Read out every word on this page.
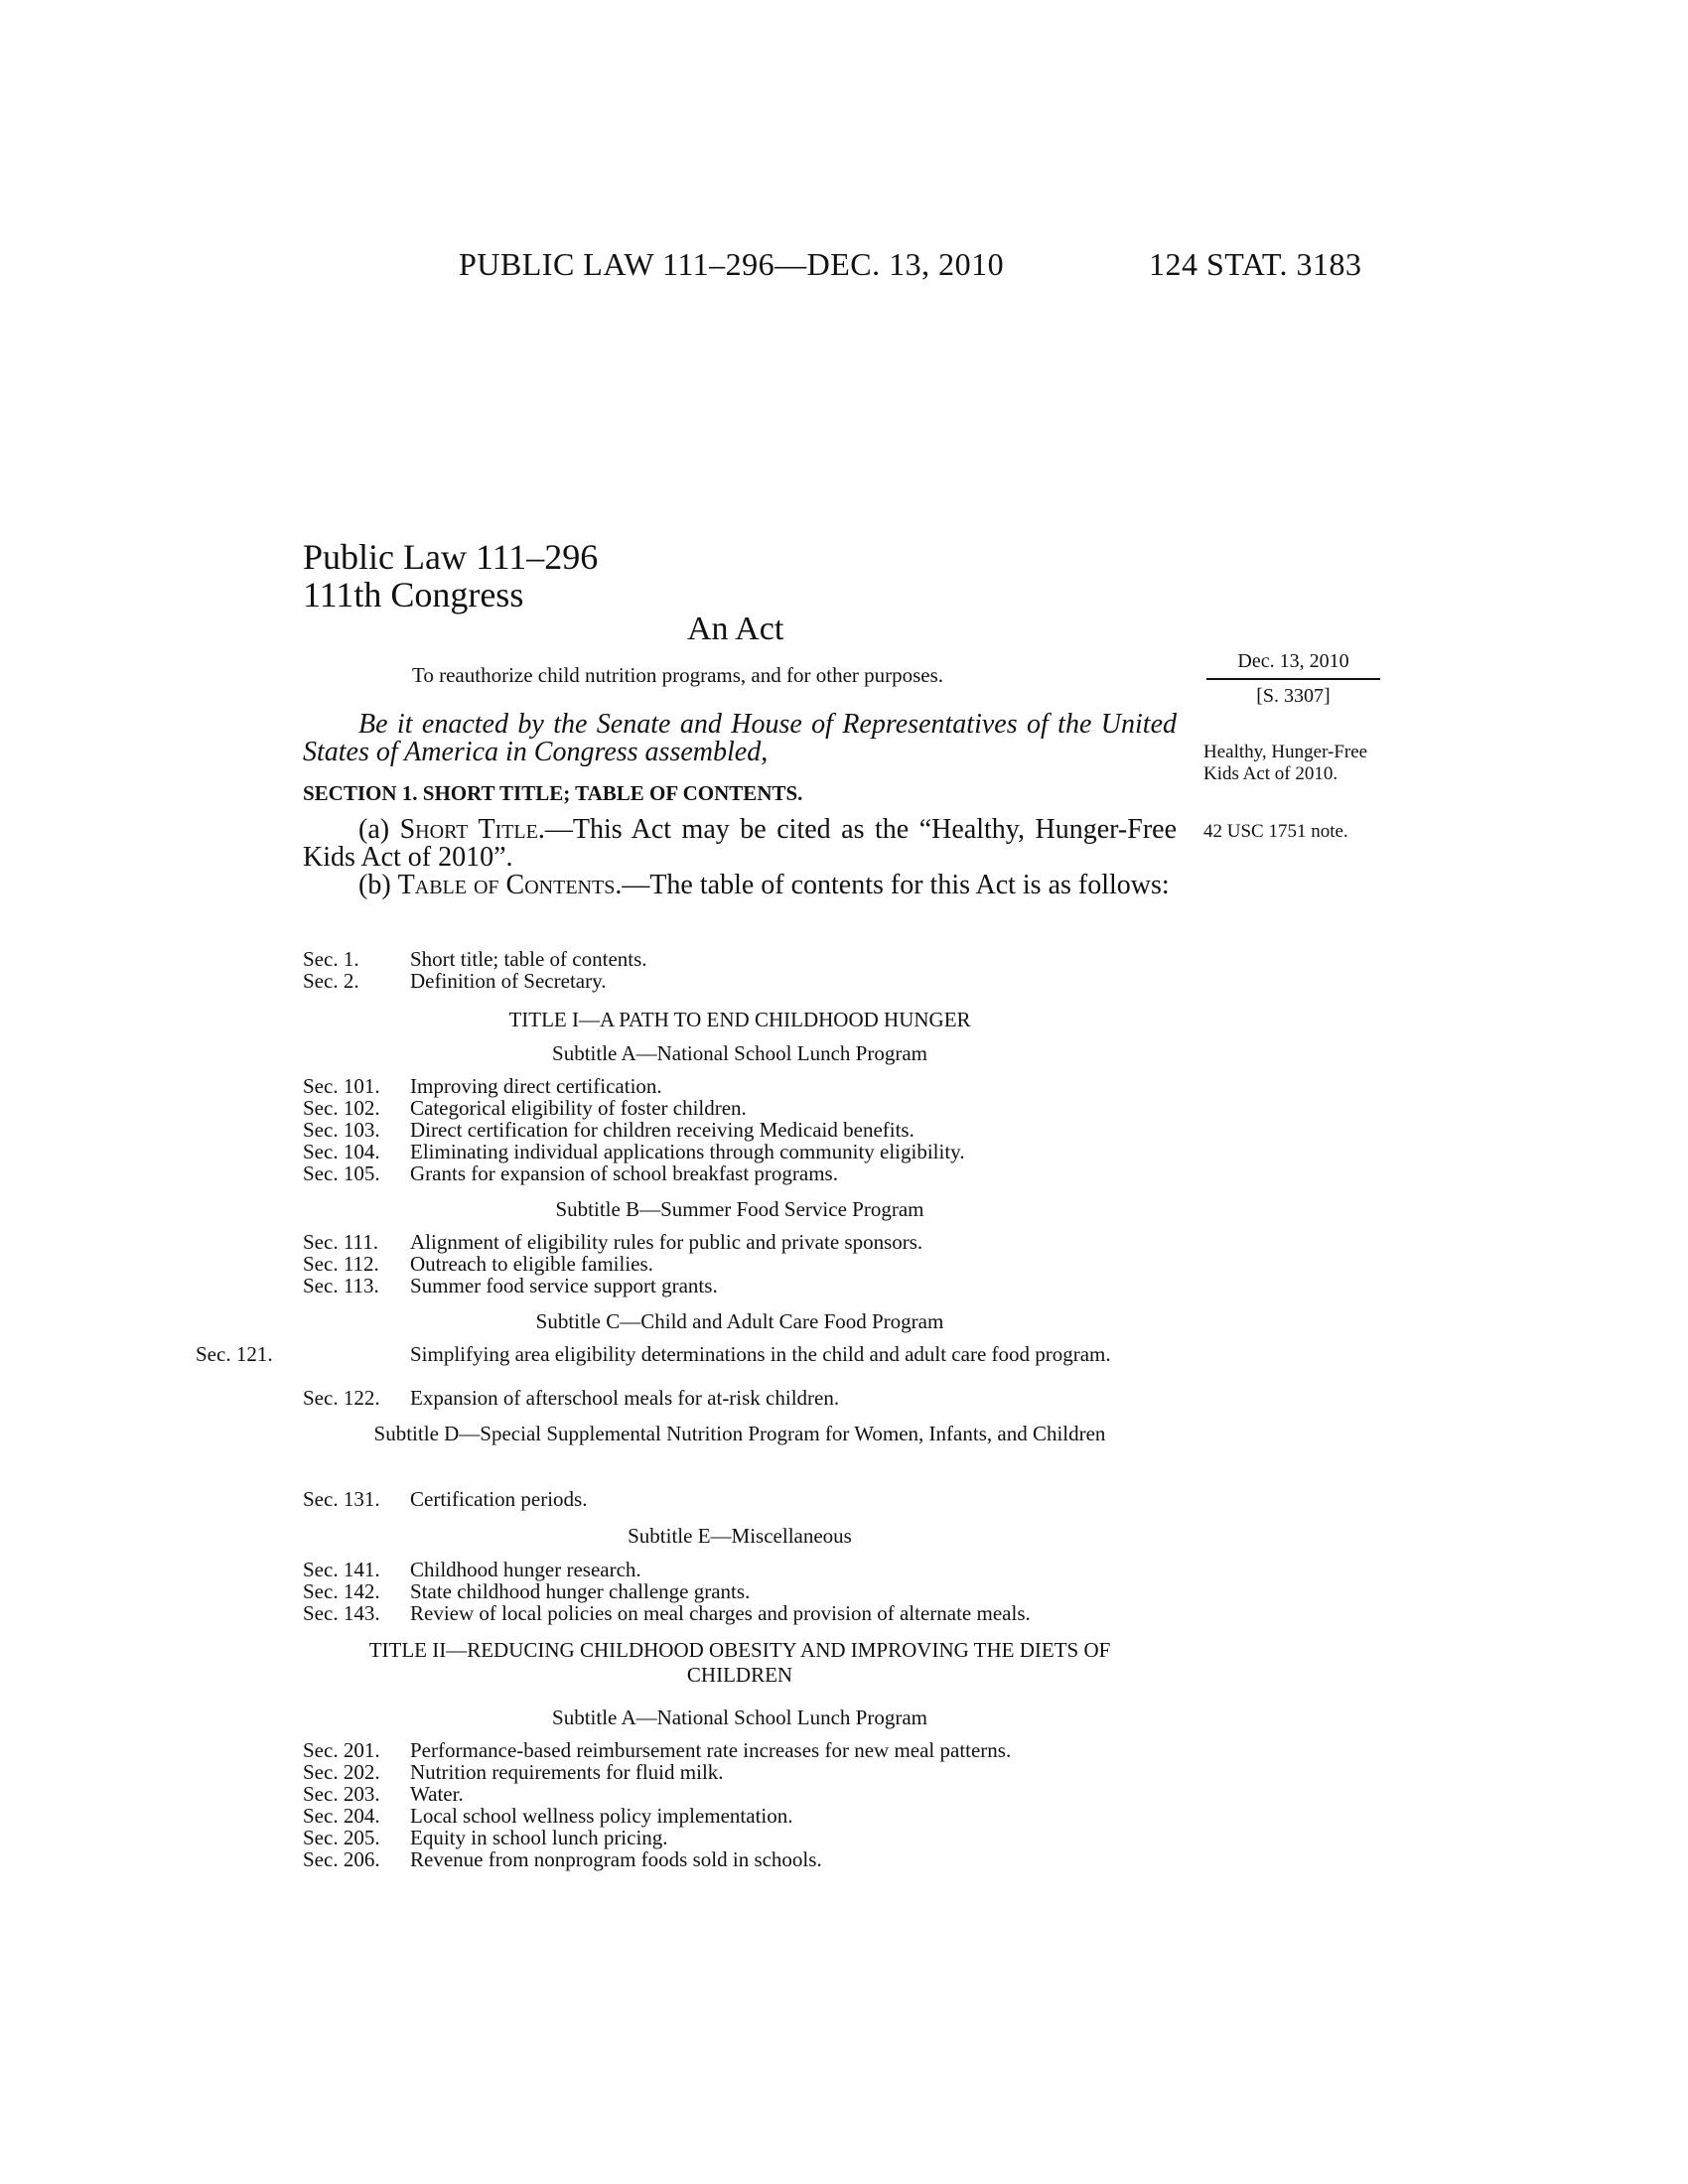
PUBLIC LAW 111–296—DEC. 13, 2010	124 STAT. 3183
Public Law 111–296
111th Congress
An Act
To reauthorize child nutrition programs, and for other purposes.
Dec. 13, 2010
[S. 3307]
Healthy, Hunger-Free Kids Act of 2010.
42 USC 1751 note.
Be it enacted by the Senate and House of Representatives of the United States of America in Congress assembled,
SECTION 1. SHORT TITLE; TABLE OF CONTENTS.
(a) Short Title.—This Act may be cited as the “Healthy, Hunger-Free Kids Act of 2010”.
(b) Table of Contents.—The table of contents for this Act is as follows:
Sec. 1. Short title; table of contents.
Sec. 2. Definition of Secretary.
TITLE I—A PATH TO END CHILDHOOD HUNGER
Subtitle A—National School Lunch Program
Sec. 101. Improving direct certification.
Sec. 102. Categorical eligibility of foster children.
Sec. 103. Direct certification for children receiving Medicaid benefits.
Sec. 104. Eliminating individual applications through community eligibility.
Sec. 105. Grants for expansion of school breakfast programs.
Subtitle B—Summer Food Service Program
Sec. 111. Alignment of eligibility rules for public and private sponsors.
Sec. 112. Outreach to eligible families.
Sec. 113. Summer food service support grants.
Subtitle C—Child and Adult Care Food Program
Sec. 121.	Simplifying area eligibility determinations in the child and adult care food program.
Sec. 122. Expansion of afterschool meals for at-risk children.
Subtitle D—Special Supplemental Nutrition Program for Women, Infants, and Children
Sec. 131. Certification periods.
Subtitle E—Miscellaneous
Sec. 141. Childhood hunger research.
Sec. 142. State childhood hunger challenge grants.
Sec. 143. Review of local policies on meal charges and provision of alternate meals.
TITLE II—REDUCING CHILDHOOD OBESITY AND IMPROVING THE DIETS OF CHILDREN
Subtitle A—National School Lunch Program
Sec. 201. Performance-based reimbursement rate increases for new meal patterns.
Sec. 202. Nutrition requirements for fluid milk.
Sec. 203. Water.
Sec. 204. Local school wellness policy implementation.
Sec. 205. Equity in school lunch pricing.
Sec. 206. Revenue from nonprogram foods sold in schools.
